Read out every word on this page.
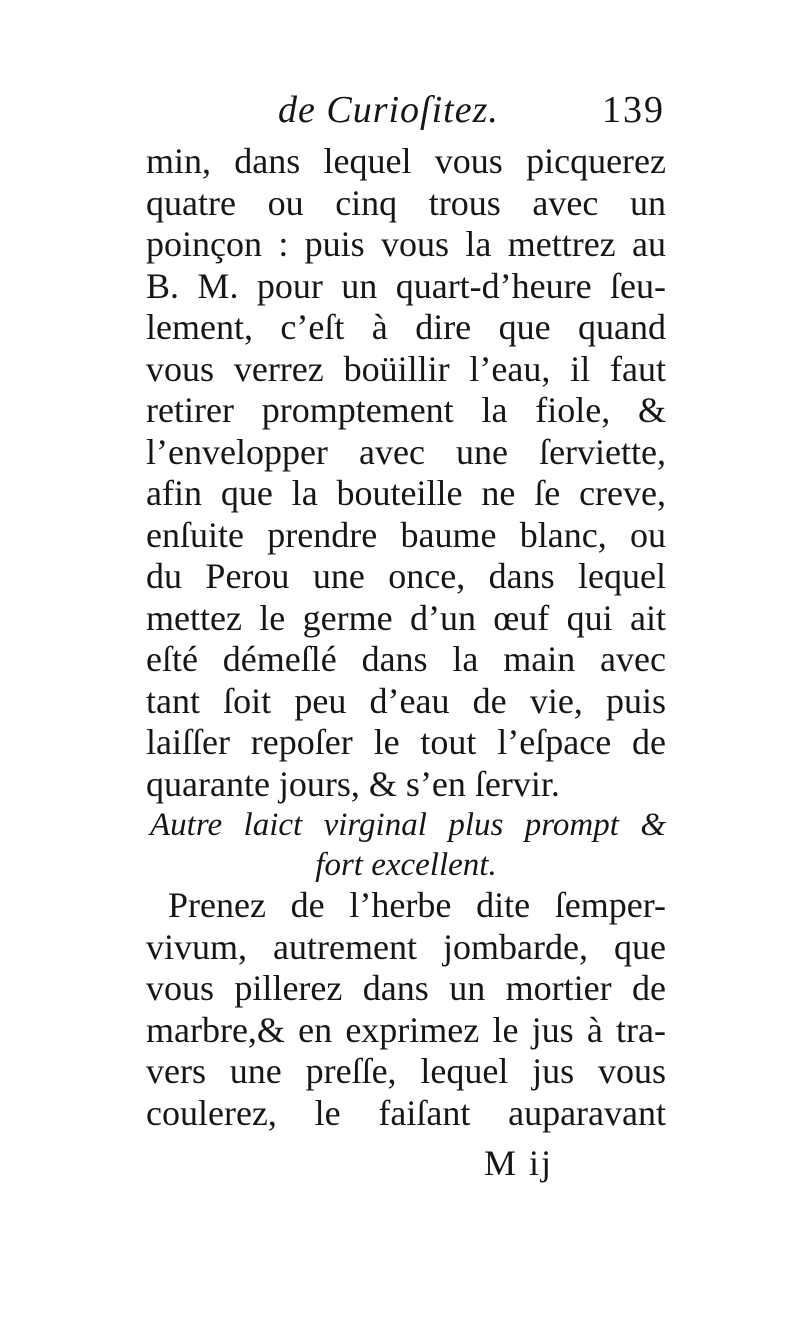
de Curioſitez.	139
min, dans lequel vous picquerez
quatre ou cinq trous avec un
poinçon : puis vous la mettrez au
B. M. pour un quart-d’heure ſeu-
lement, c’eſt à dire que quand
vous verrez boüillir l’eau, il faut
retirer promptement la fiole, &
l’envelopper avec une ſerviette,
afin que la bouteille ne ſe creve,
enſuite prendre baume blanc, ou
du Perou une once, dans lequel
mettez le germe d’un œuf qui ait
eſté démeſlé dans la main avec
tant ſoit peu d’eau de vie, puis
laiſſer repoſer le tout l’eſpace de
quarante jours, & s’en ſervir.
Autre laict virginal plus prompt &
fort excellent.
Prenez de l’herbe dite ſemper-
vivum, autrement jombarde, que
vous pillerez dans un mortier de
marbre,& en exprimez le jus à tra-
vers une preſſe, lequel jus vous
coulerez, le faiſant auparavant
M ij
